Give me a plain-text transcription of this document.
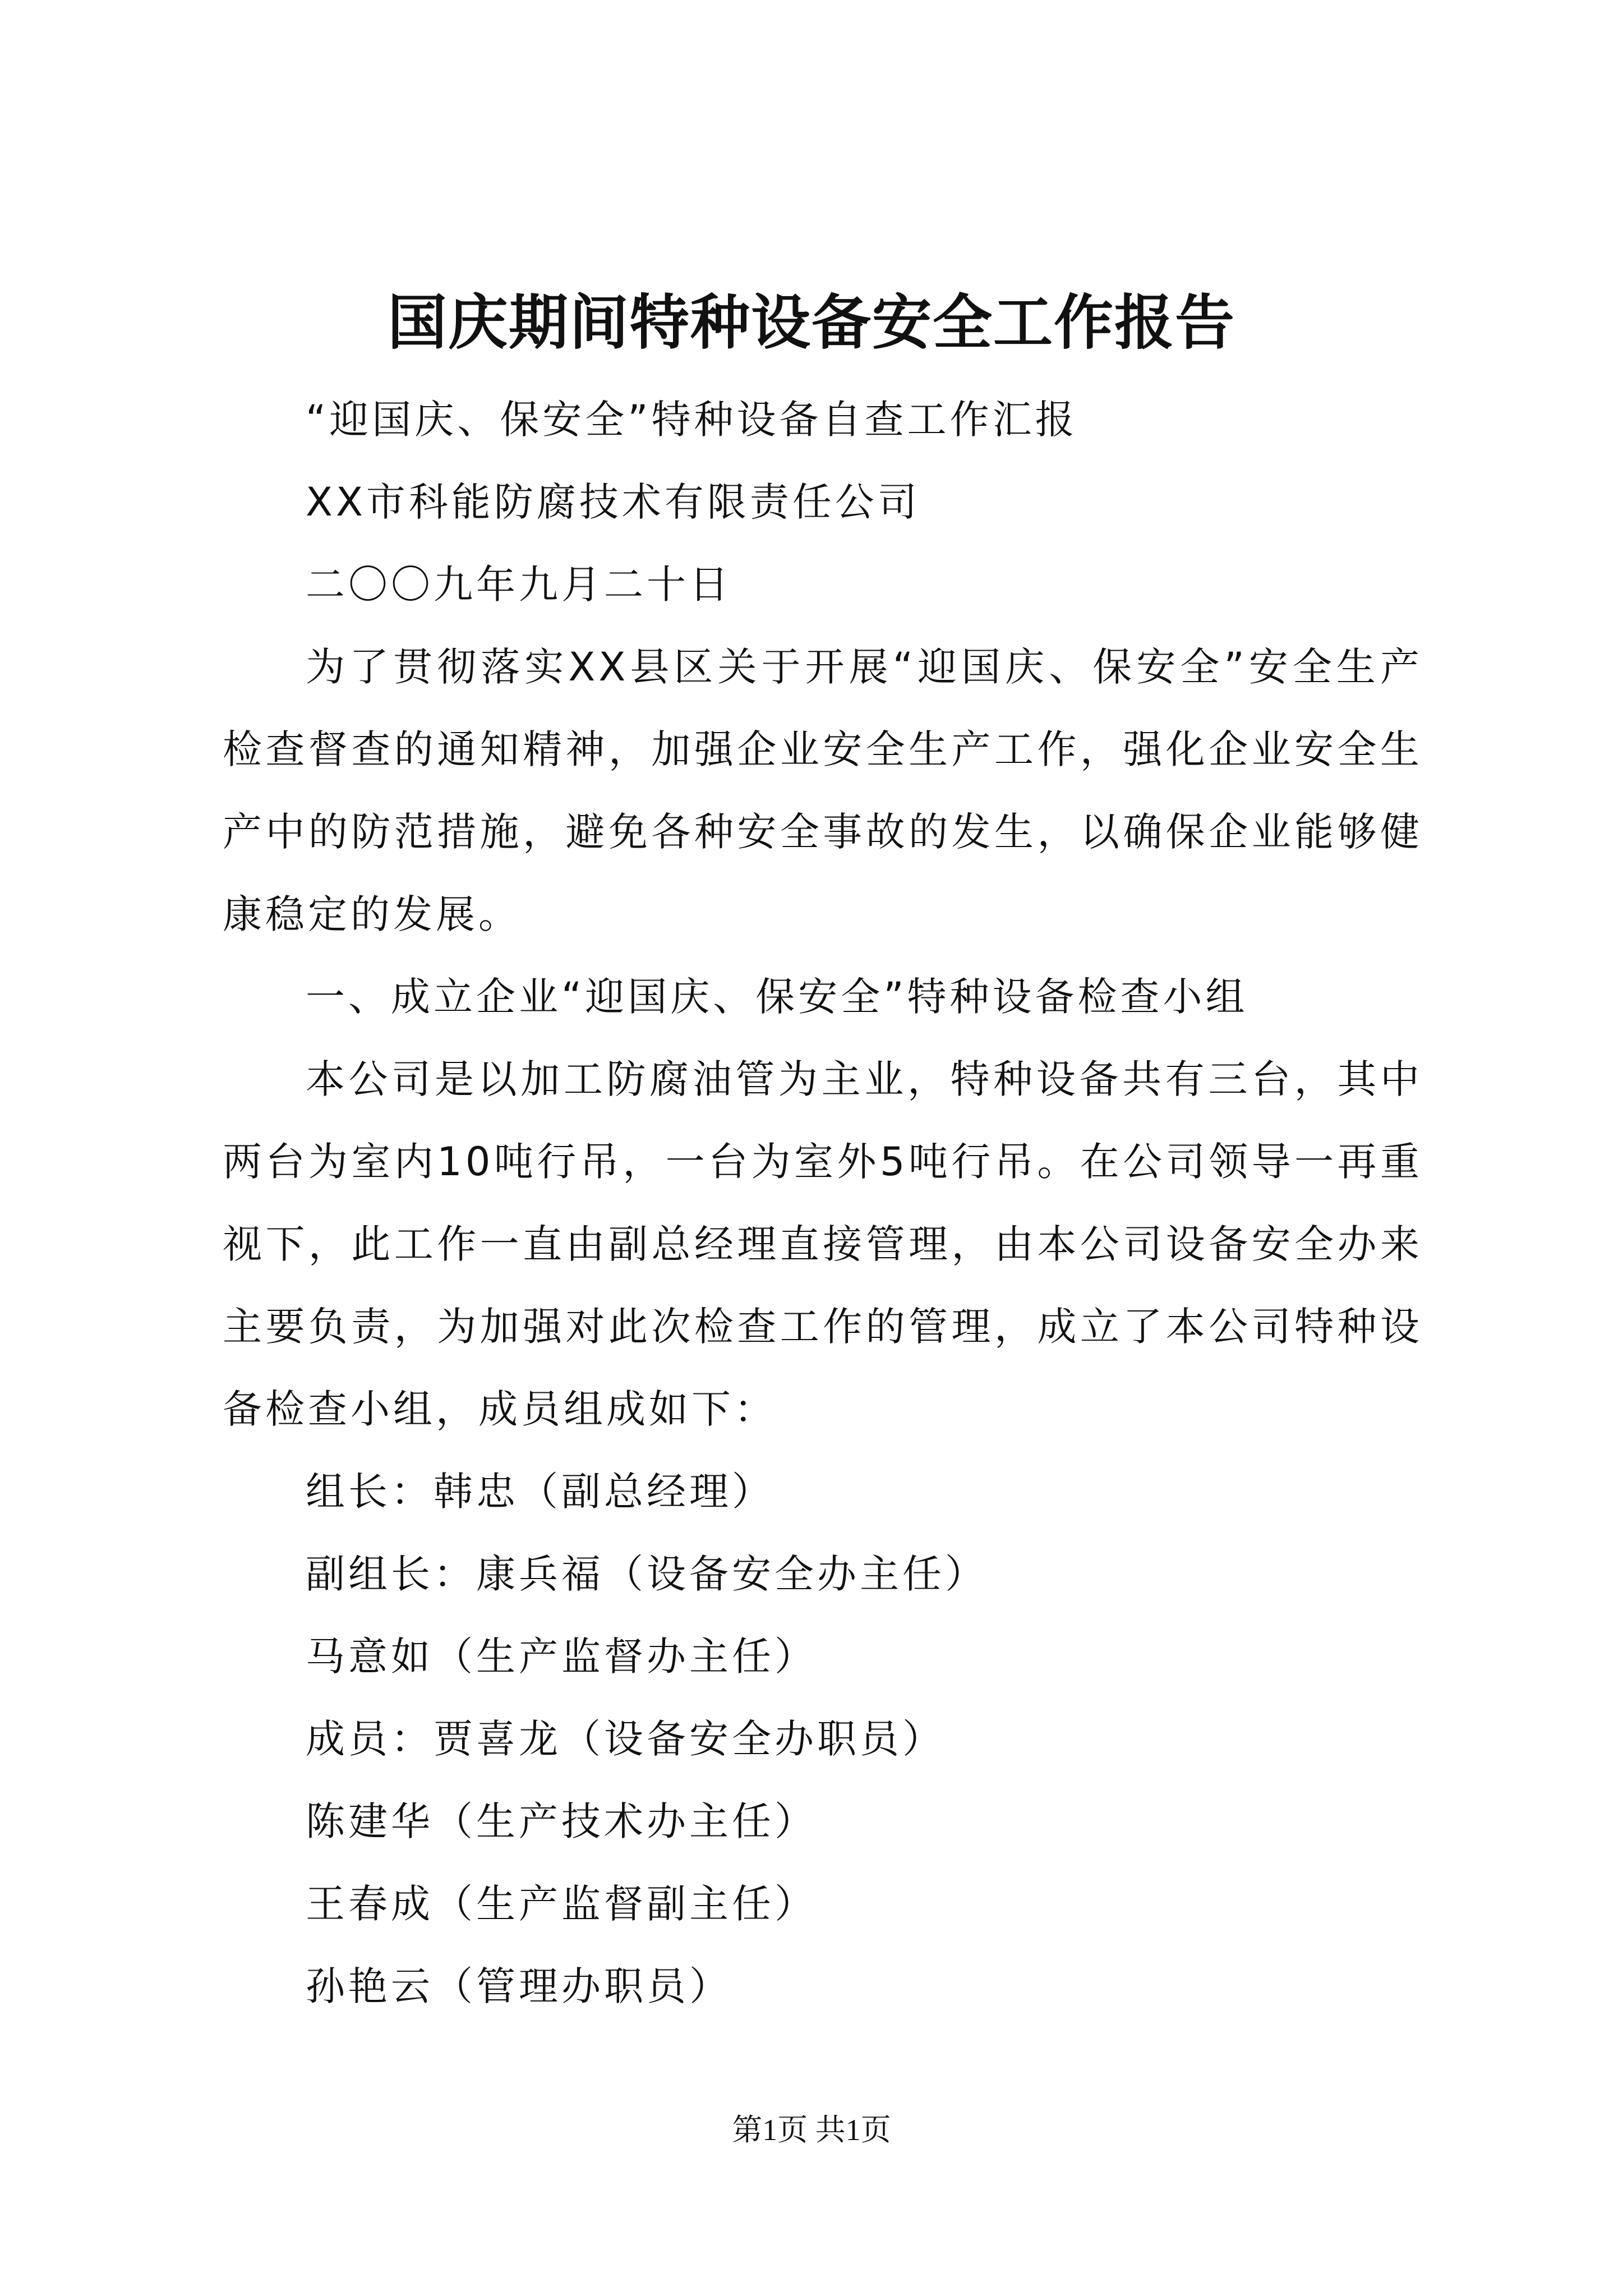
国庆期间特种设备安全工作报告

“迎国庆、保安全”特种设备自查工作汇报

XX市科能防腐技术有限责任公司

二〇〇九年九月二十日

为了贯彻落实XX县区关于开展“迎国庆、保安全”安全生产检查督查的通知精神，加强企业安全生产工作，强化企业安全生产中的防范措施，避免各种安全事故的发生，以确保企业能够健康稳定的发展。

一、成立企业“迎国庆、保安全”特种设备检查小组

本公司是以加工防腐油管为主业，特种设备共有三台，其中两台为室内10吨行吊，一台为室外5吨行吊。在公司领导一再重视下，此工作一直由副总经理直接管理，由本公司设备安全办来主要负责，为加强对此次检查工作的管理，成立了本公司特种设备检查小组，成员组成如下：

组长：韩忠（副总经理）

副组长：康兵福（设备安全办主任）

马意如（生产监督办主任）

成员：贾喜龙（设备安全办职员）

陈建华（生产技术办主任）

王春成（生产监督副主任）

孙艳云（管理办职员）

第1页 共1页
